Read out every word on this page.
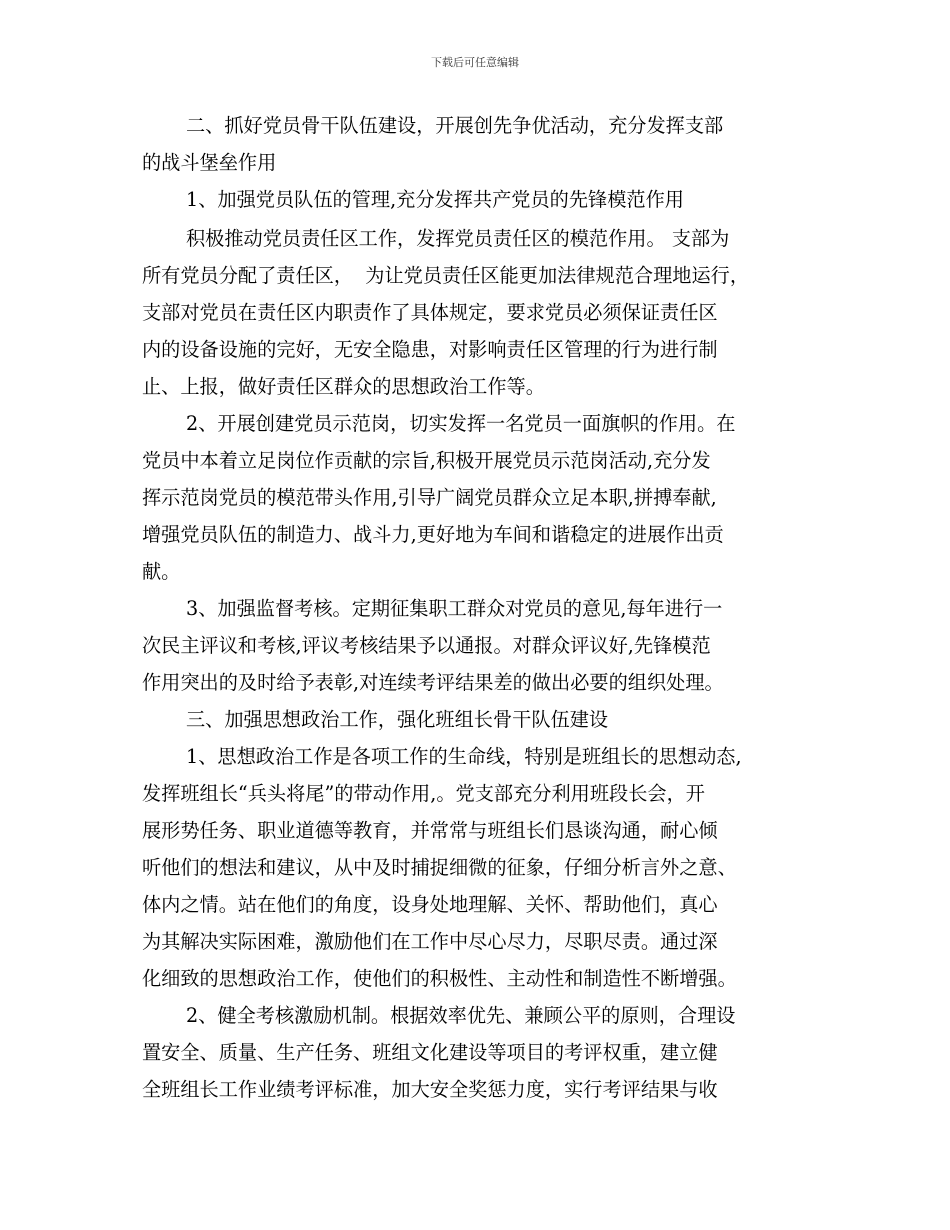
下载后可任意编辑
二、抓好党员骨干队伍建设，开展创先争优活动，充分发挥支部
的战斗堡垒作用
1、加强党员队伍的管理,充分发挥共产党员的先锋模范作用
积极推动党员责任区工作，发挥党员责任区的模范作用。 支部为
所有党员分配了责任区，  为让党员责任区能更加法律规范合理地运行，
支部对党员在责任区内职责作了具体规定，要求党员必须保证责任区
内的设备设施的完好，无安全隐患，对影响责任区管理的行为进行制
止、上报，做好责任区群众的思想政治工作等。
2、开展创建党员示范岗，切实发挥一名党员一面旗帜的作用。在
党员中本着立足岗位作贡献的宗旨,积极开展党员示范岗活动,充分发
挥示范岗党员的模范带头作用,引导广阔党员群众立足本职,拼搏奉献,
增强党员队伍的制造力、战斗力,更好地为车间和谐稳定的进展作出贡
献。
3、加强监督考核。定期征集职工群众对党员的意见,每年进行一
次民主评议和考核,评议考核结果予以通报。对群众评议好,先锋模范
作用突出的及时给予表彰,对连续考评结果差的做出必要的组织处理。
三、加强思想政治工作，强化班组长骨干队伍建设
1、思想政治工作是各项工作的生命线，特别是班组长的思想动态,
发挥班组长“兵头将尾”的带动作用,。党支部充分利用班段长会，开
展形势任务、职业道德等教育，并常常与班组长们恳谈沟通，耐心倾
听他们的想法和建议，从中及时捕捉细微的征象，仔细分析言外之意、
体内之情。站在他们的角度，设身处地理解、关怀、帮助他们，真心
为其解决实际困难，激励他们在工作中尽心尽力，尽职尽责。通过深
化细致的思想政治工作，使他们的积极性、主动性和制造性不断增强。
2、健全考核激励机制。根据效率优先、兼顾公平的原则，合理设
置安全、质量、生产任务、班组文化建设等项目的考评权重，建立健
全班组长工作业绩考评标准，加大安全奖惩力度，实行考评结果与收
